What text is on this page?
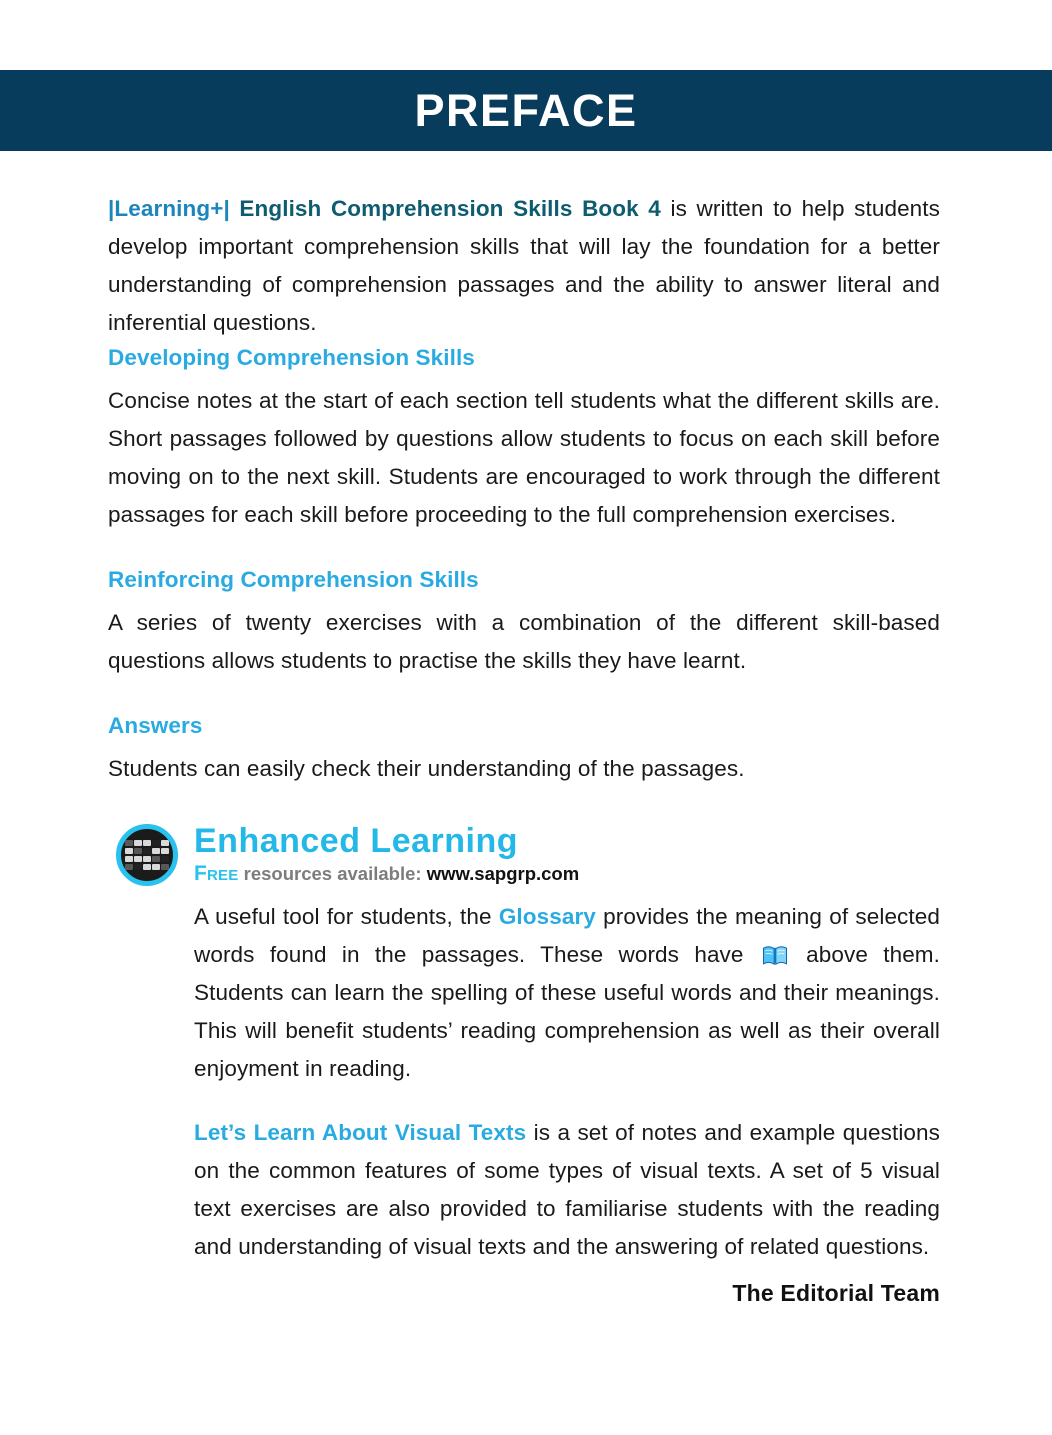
PREFACE

|Learning+| English Comprehension Skills Book 4 is written to help students develop important comprehension skills that will lay the foundation for a better understanding of comprehension passages and the ability to answer literal and inferential questions.

Developing Comprehension Skills

Concise notes at the start of each section tell students what the different skills are. Short passages followed by questions allow students to focus on each skill before moving on to the next skill. Students are encouraged to work through the different passages for each skill before proceeding to the full comprehension exercises.

Reinforcing Comprehension Skills

A series of twenty exercises with a combination of the different skill-based questions allows students to practise the skills they have learnt.

Answers

Students can easily check their understanding of the passages.

Enhanced Learning
Free resources available: www.sapgrp.com

A useful tool for students, the Glossary provides the meaning of selected words found in the passages. These words have  above them. Students can learn the spelling of these useful words and their meanings. This will benefit students’ reading comprehension as well as their overall enjoyment in reading.

Let’s Learn About Visual Texts is a set of notes and example questions on the common features of some types of visual texts. A set of 5 visual text exercises are also provided to familiarise students with the reading and understanding of visual texts and the answering of related questions.

The Editorial Team
